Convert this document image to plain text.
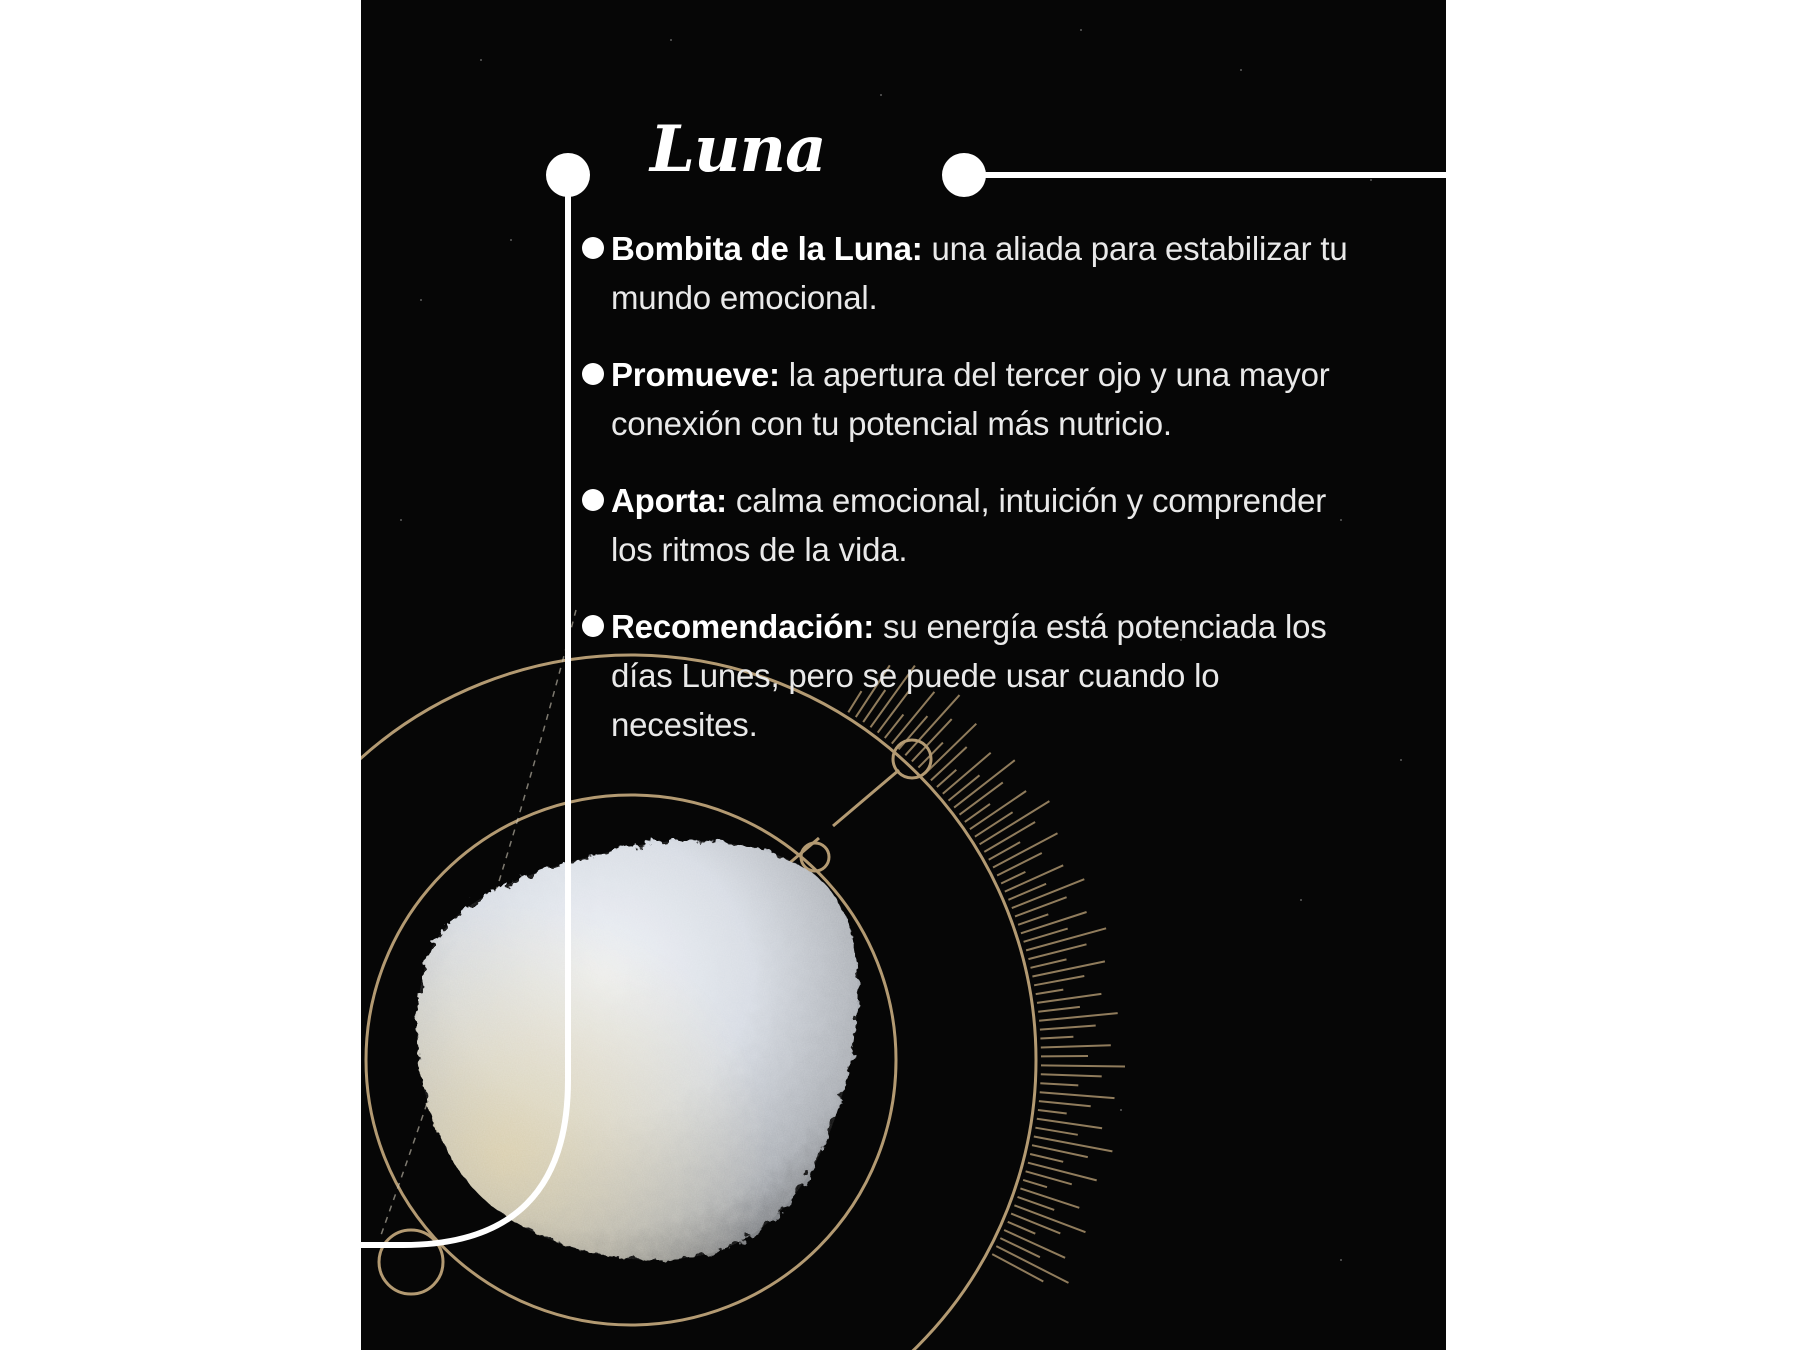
Luna
Bombita de la Luna: una aliada para estabilizar tu mundo emocional.
Promueve: la apertura del tercer ojo y una mayor conexión con tu potencial más nutricio.
Aporta: calma emocional, intuición y comprender los ritmos de la vida.
Recomendación: su energía está potenciada los días Lunes, pero se puede usar cuando lo necesites.
